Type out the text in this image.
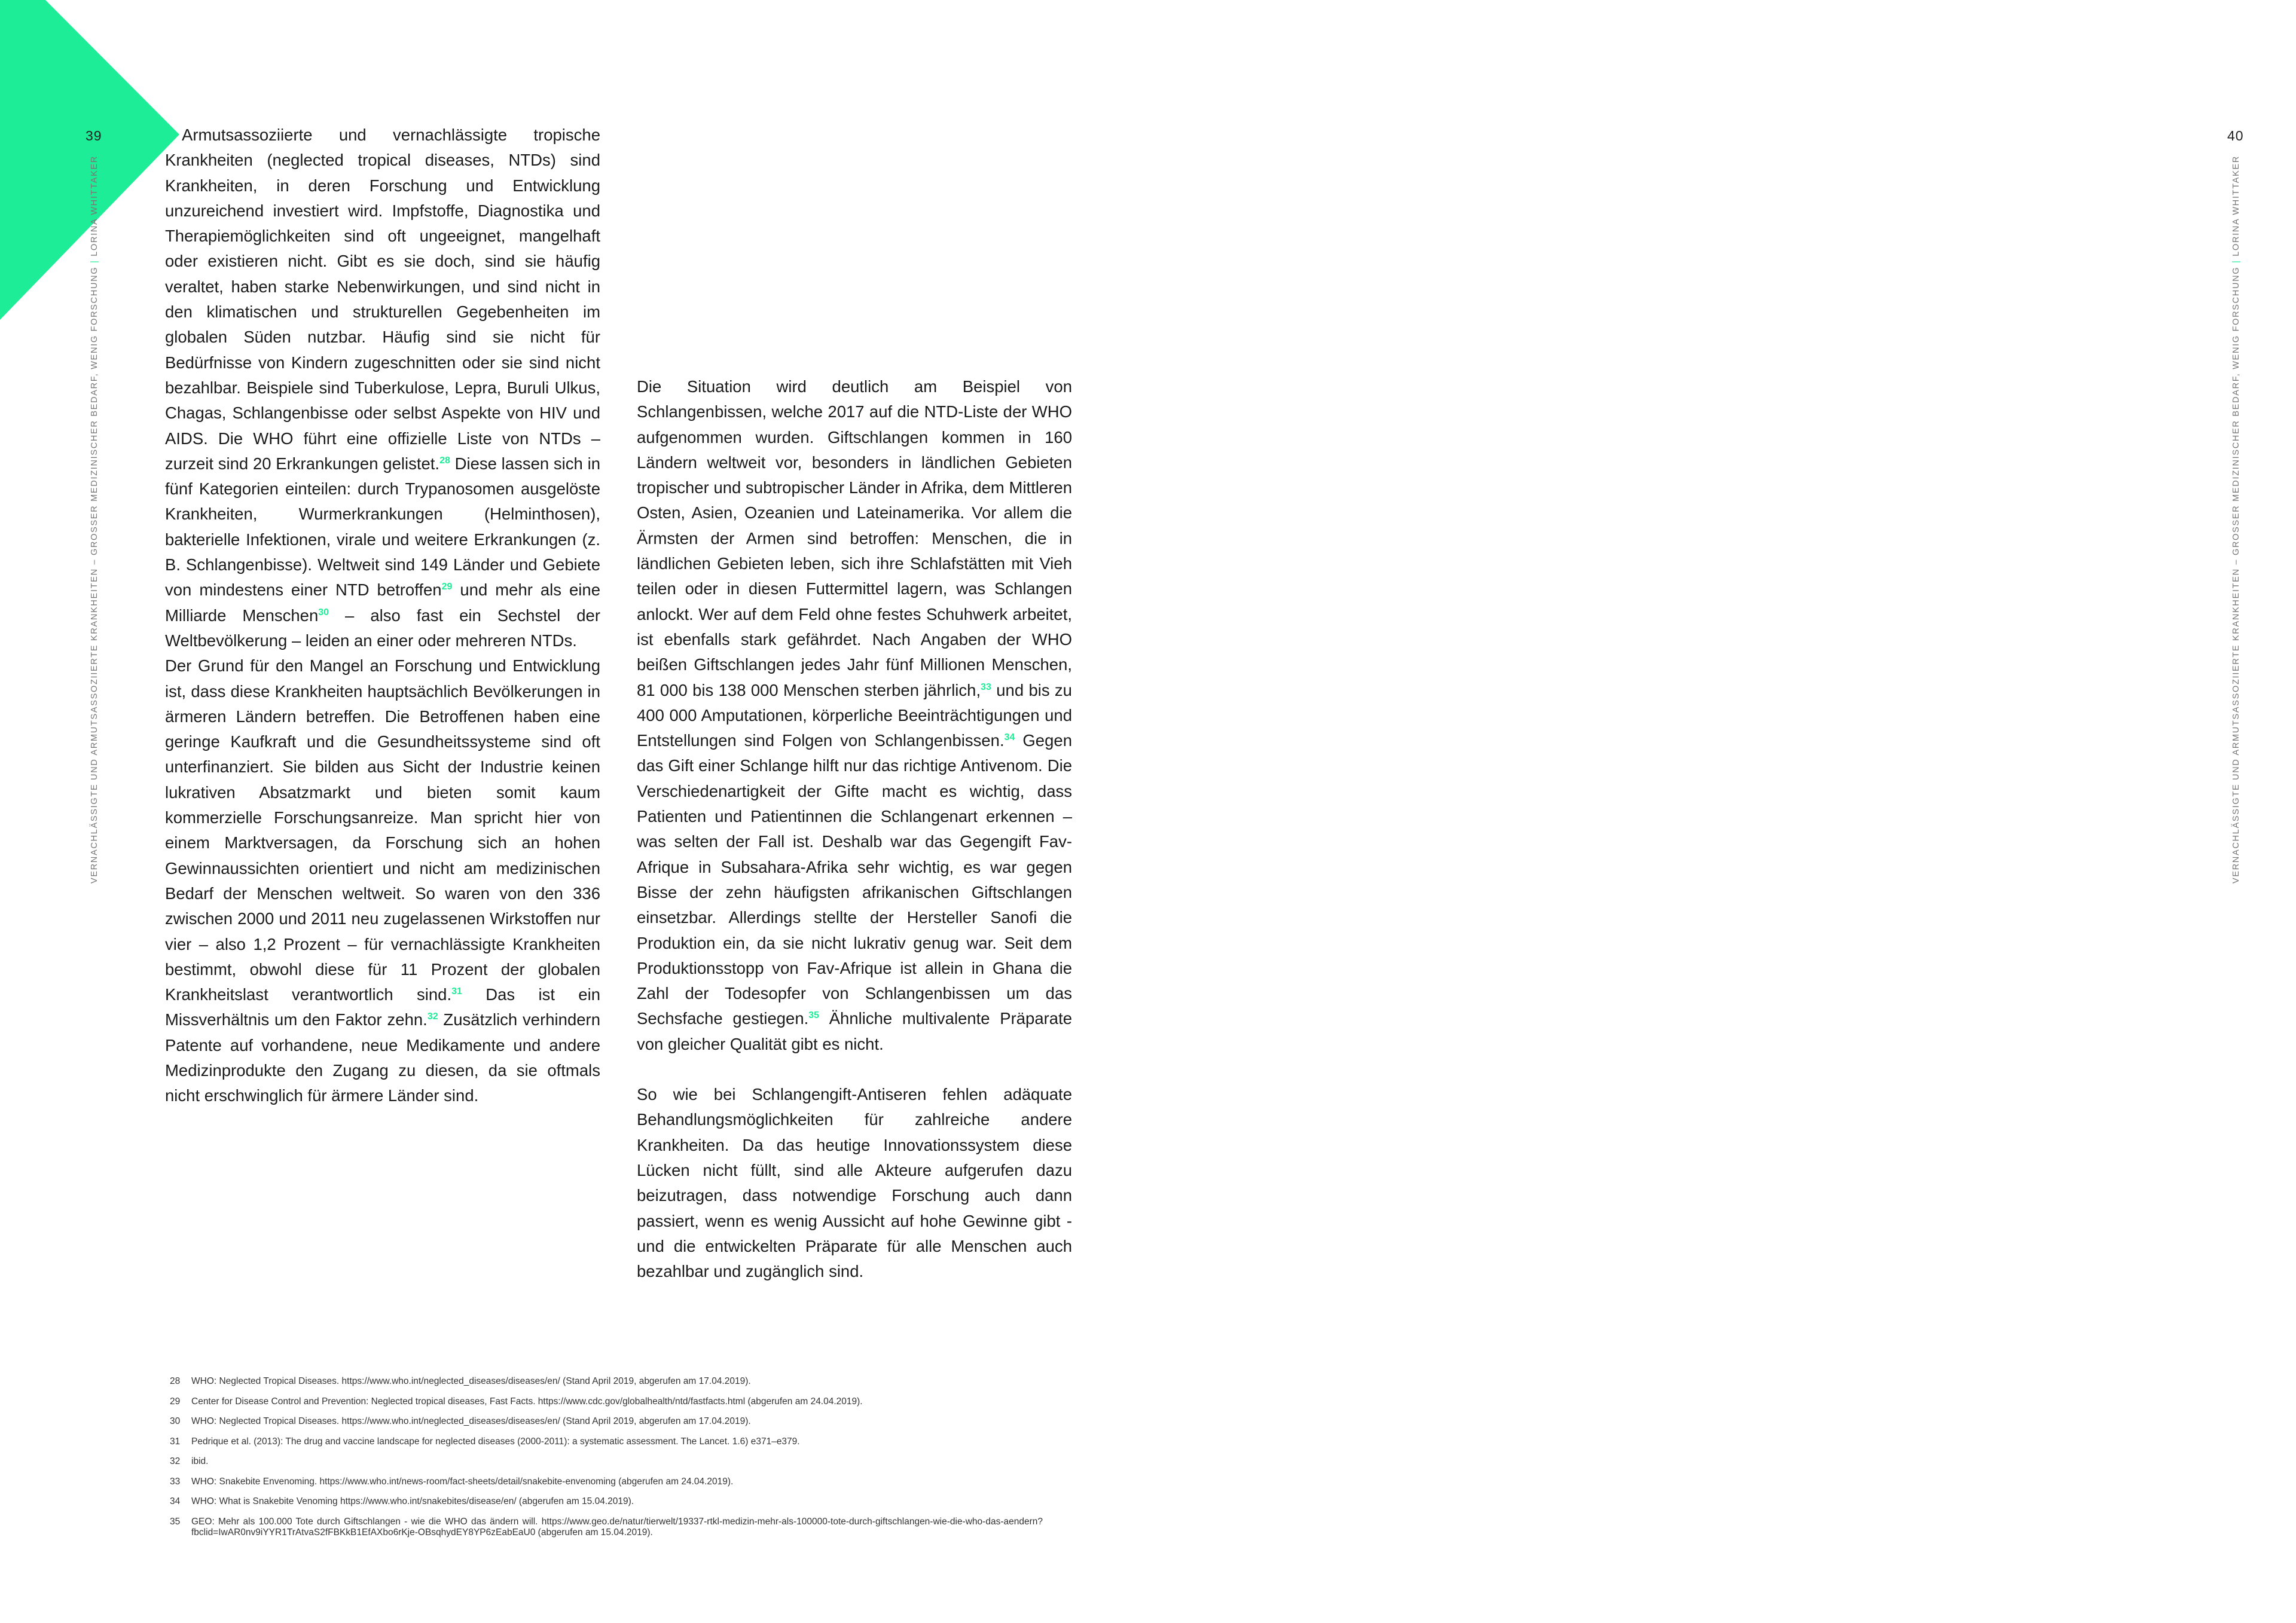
39
VERNACHLÄSSIGTE UND ARMUTSASSOZIIERTE KRANKHEITEN – GROSSER MEDIZINISCHER BEDARF, WENIG FORSCHUNG | LORINA WHITTAKER
40
VERNACHLÄSSIGTE UND ARMUTSASSOZIIERTE KRANKHEITEN – GROSSER MEDIZINISCHER BEDARF, WENIG FORSCHUNG | LORINA WHITTAKER

Armutsassoziierte und vernachlässigte tropische Krankheiten (neglected tropical diseases, NTDs) sind Krankheiten, in deren Forschung und Entwicklung unzureichend investiert wird. Impfstoffe, Diagnostika und Therapiemöglichkeiten sind oft ungeeignet, mangelhaft oder existieren nicht. Gibt es sie doch, sind sie häufig veraltet, haben starke Nebenwirkungen, und sind nicht in den klimatischen und strukturellen Gegebenheiten im globalen Süden nutzbar. Häufig sind sie nicht für Bedürfnisse von Kindern zugeschnitten oder sie sind nicht bezahlbar. Beispiele sind Tuberkulose, Lepra, Buruli Ulkus, Chagas, Schlangenbisse oder selbst Aspekte von HIV und AIDS. Die WHO führt eine offizielle Liste von NTDs – zurzeit sind 20 Erkrankungen gelistet.$^{28}$ Diese lassen sich in fünf Kategorien einteilen: durch Trypanosomen ausgelöste Krankheiten, Wurmerkrankungen (Helminthosen), bakterielle Infektionen, virale und weitere Erkrankungen (z. B. Schlangenbisse). Weltweit sind 149 Länder und Gebiete von mindestens einer NTD betroffen$^{29}$ und mehr als eine Milliarde Menschen$^{30}$ – also fast ein Sechstel der Weltbevölkerung – leiden an einer oder mehreren NTDs.

Der Grund für den Mangel an Forschung und Entwicklung ist, dass diese Krankheiten hauptsächlich Bevölkerungen in ärmeren Ländern betreffen. Die Betroffenen haben eine geringe Kaufkraft und die Gesundheitssysteme sind oft unterfinanziert. Sie bilden aus Sicht der Industrie keinen lukrativen Absatzmarkt und bieten somit kaum kommerzielle Forschungsanreize. Man spricht hier von einem Marktversagen, da Forschung sich an hohen Gewinnaussichten orientiert und nicht am medizinischen Bedarf der Menschen weltweit. So waren von den 336 zwischen 2000 und 2011 neu zugelassenen Wirkstoffen nur vier – also 1,2 Prozent – für vernachlässigte Krankheiten bestimmt, obwohl diese für 11 Prozent der globalen Krankheitslast verantwortlich sind.$^{31}$ Das ist ein Missverhältnis um den Faktor zehn.$^{32}$ Zusätzlich verhindern Patente auf vorhandene, neue Medikamente und andere Medizinprodukte den Zugang zu diesen, da sie oftmals nicht erschwinglich für ärmere Länder sind.

Die Situation wird deutlich am Beispiel von Schlangenbissen, welche 2017 auf die NTD-Liste der WHO aufgenommen wurden. Giftschlangen kommen in 160 Ländern weltweit vor, besonders in ländlichen Gebieten tropischer und subtropischer Länder in Afrika, dem Mittleren Osten, Asien, Ozeanien und Lateinamerika. Vor allem die Ärmsten der Armen sind betroffen: Menschen, die in ländlichen Gebieten leben, sich ihre Schlafstätten mit Vieh teilen oder in diesen Futtermittel lagern, was Schlangen anlockt. Wer auf dem Feld ohne festes Schuhwerk arbeitet, ist ebenfalls stark gefährdet. Nach Angaben der WHO beißen Giftschlangen jedes Jahr fünf Millionen Menschen, 81 000 bis 138 000 Menschen sterben jährlich,$^{33}$ und bis zu 400 000 Amputationen, körperliche Beeinträchtigungen und Entstellungen sind Folgen von Schlangenbissen.$^{34}$ Gegen das Gift einer Schlange hilft nur das richtige Antivenom. Die Verschiedenartigkeit der Gifte macht es wichtig, dass Patienten und Patientinnen die Schlangenart erkennen – was selten der Fall ist. Deshalb war das Gegengift Fav-Afrique in Subsahara-Afrika sehr wichtig, es war gegen Bisse der zehn häufigsten afrikanischen Giftschlangen einsetzbar. Allerdings stellte der Hersteller Sanofi die Produktion ein, da sie nicht lukrativ genug war. Seit dem Produktionsstopp von Fav-Afrique ist allein in Ghana die Zahl der Todesopfer von Schlangenbissen um das Sechsfache gestiegen.$^{35}$ Ähnliche multivalente Präparate von gleicher Qualität gibt es nicht.

So wie bei Schlangengift-Antiseren fehlen adäquate Behandlungsmöglichkeiten für zahlreiche andere Krankheiten. Da das heutige Innovationssystem diese Lücken nicht füllt, sind alle Akteure aufgerufen dazu beizutragen, dass notwendige Forschung auch dann passiert, wenn es wenig Aussicht auf hohe Gewinne gibt - und die entwickelten Präparate für alle Menschen auch bezahlbar und zugänglich sind.

28	WHO: Neglected Tropical Diseases. https://www.who.int/neglected_diseases/diseases/en/ (Stand April 2019, abgerufen am 17.04.2019).
29	Center for Disease Control and Prevention: Neglected tropical diseases, Fast Facts. https://www.cdc.gov/globalhealth/ntd/fastfacts.html (abgerufen am 24.04.2019).
30	WHO: Neglected Tropical Diseases. https://www.who.int/neglected_diseases/diseases/en/ (Stand April 2019, abgerufen am 17.04.2019).
31	Pedrique et al. (2013): The drug and vaccine landscape for neglected diseases (2000-2011): a systematic assessment. The Lancet. 1.6) e371–e379.
32	ibid.
33	WHO: Snakebite Envenoming. https://www.who.int/news-room/fact-sheets/detail/snakebite-envenoming (abgerufen am 24.04.2019).
34	WHO: What is Snakebite Venoming https://www.who.int/snakebites/disease/en/ (abgerufen am 15.04.2019).
35	GEO: Mehr als 100.000 Tote durch Giftschlangen - wie die WHO das ändern will. https://www.geo.de/natur/tierwelt/19337-rtkl-medizin-mehr-als-100000-tote-durch-giftschlangen-wie-die-who-das-aendern?fbclid=IwAR0nv9iYYR1TrAtvaS2fFBKkB1EfAXbo6rKje-OBsqhydEY8YP6zEabEaU0 (abgerufen am 15.04.2019).
